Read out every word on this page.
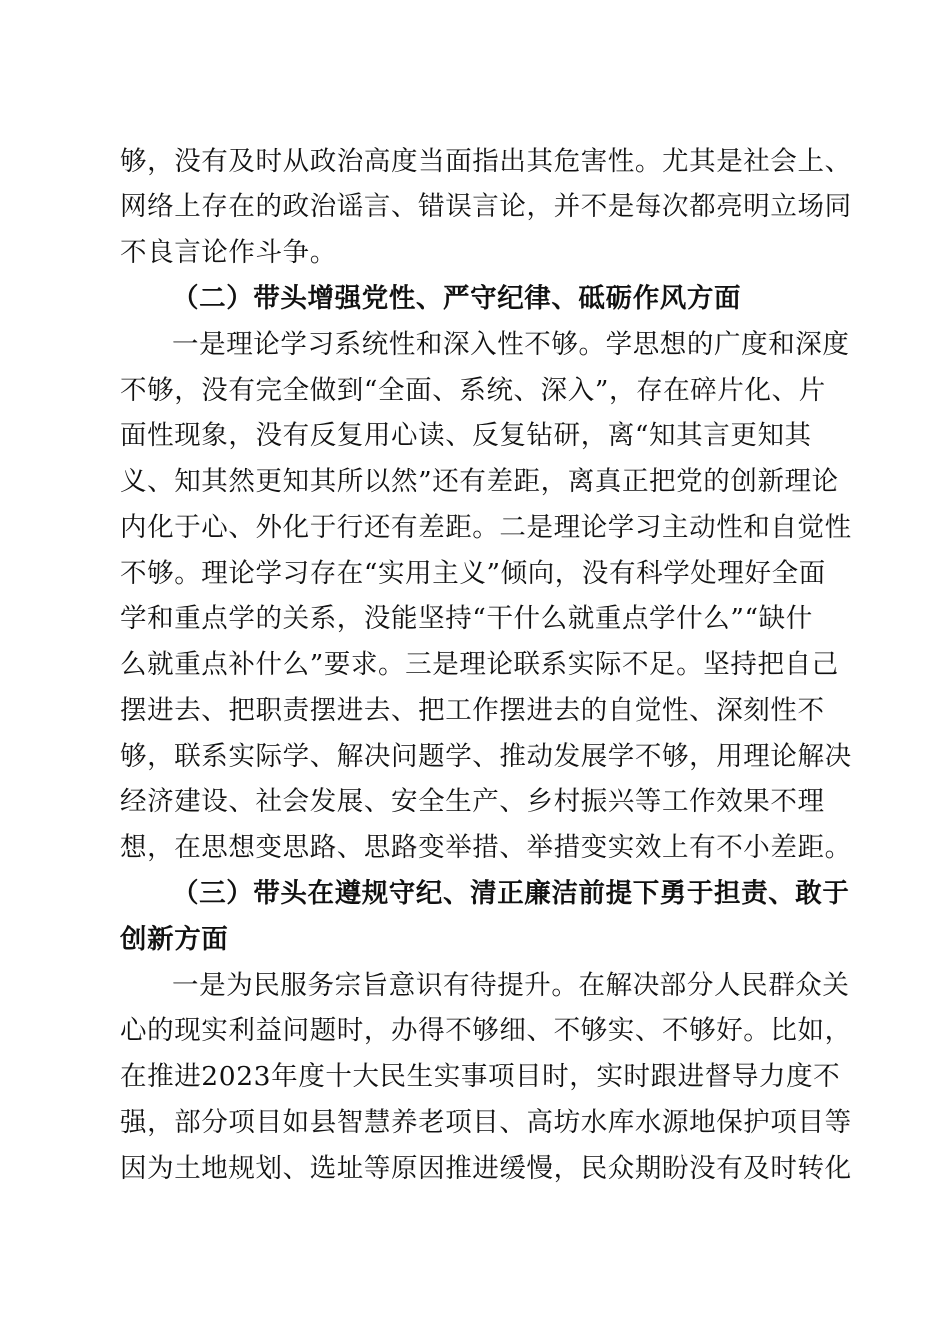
够，没有及时从政治高度当面指出其危害性。尤其是社会上、
网络上存在的政治谣言、错误言论，并不是每次都亮明立场同
不良言论作斗争。
（二）带头增强党性、严守纪律、砥砺作风方面
一是理论学习系统性和深入性不够。学思想的广度和深度
不够，没有完全做到“全面、系统、深入”，存在碎片化、片
面性现象，没有反复用心读、反复钻研，离“知其言更知其
义、知其然更知其所以然”还有差距，离真正把党的创新理论
内化于心、外化于行还有差距。二是理论学习主动性和自觉性
不够。理论学习存在“实用主义”倾向，没有科学处理好全面
学和重点学的关系，没能坚持“干什么就重点学什么”“缺什
么就重点补什么”要求。三是理论联系实际不足。坚持把自己
摆进去、把职责摆进去、把工作摆进去的自觉性、深刻性不
够，联系实际学、解决问题学、推动发展学不够，用理论解决
经济建设、社会发展、安全生产、乡村振兴等工作效果不理
想，在思想变思路、思路变举措、举措变实效上有不小差距。
（三）带头在遵规守纪、清正廉洁前提下勇于担责、敢于
创新方面
一是为民服务宗旨意识有待提升。在解决部分人民群众关
心的现实利益问题时，办得不够细、不够实、不够好。比如，
在推进2023年度十大民生实事项目时，实时跟进督导力度不
强，部分项目如县智慧养老项目、高坊水库水源地保护项目等
因为土地规划、选址等原因推进缓慢，民众期盼没有及时转化
